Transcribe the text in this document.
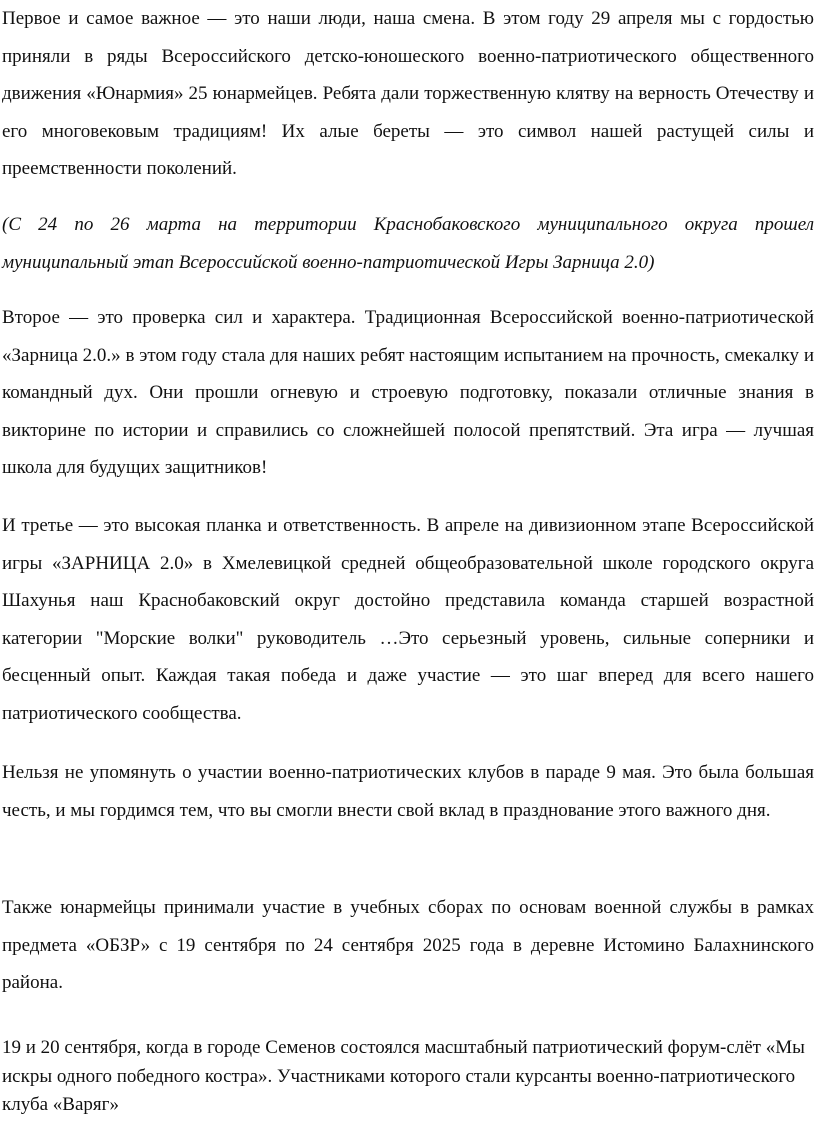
Первое и самое важное — это наши люди, наша смена. В этом году 29 апреля мы с гордостью приняли в ряды Всероссийского детско-юношеского военно-патриотического общественного движения «Юнармия» 25 юнармейцев. Ребята дали торжественную клятву на верность Отечеству и его многовековым традициям! Их алые береты — это символ нашей растущей силы и преемственности поколений.

(С 24 по 26 марта на территории Краснобаковского муниципального округа прошел муниципальный этап Всероссийской военно-патриотической Игры Зарница 2.0)

Второе — это проверка сил и характера. Традиционная Всероссийской военно-патриотической «Зарница 2.0.» в этом году стала для наших ребят настоящим испытанием на прочность, смекалку и командный дух. Они прошли огневую и строевую подготовку, показали отличные знания в викторине по истории и справились со сложнейшей полосой препятствий. Эта игра — лучшая школа для будущих защитников!

И третье — это высокая планка и ответственность. В апреле на дивизионном этапе Всероссийской игры «ЗАРНИЦА 2.0» в Хмелевицкой средней общеобразовательной школе городского округа Шахунья наш Краснобаковский округ достойно представила команда старшей возрастной категории "Морские волки" руководитель …Это серьезный уровень, сильные соперники и бесценный опыт. Каждая такая победа и даже участие — это шаг вперед для всего нашего патриотического сообщества.

Нельзя не упомянуть о участии военно-патриотических клубов в параде 9 мая. Это была большая честь, и мы гордимся тем, что вы смогли внести свой вклад в празднование этого важного дня.

Также юнармейцы принимали участие в учебных сборах по основам военной службы в рамках предмета «ОБЗР» с 19 сентября по 24 сентября 2025 года в деревне Истомино Балахнинского района.

19 и 20 сентября, когда в городе Семенов состоялся масштабный патриотический форум-слёт «Мы искры одного победного костра». Участниками которого стали курсанты военно-патриотического клуба «Варяг»
